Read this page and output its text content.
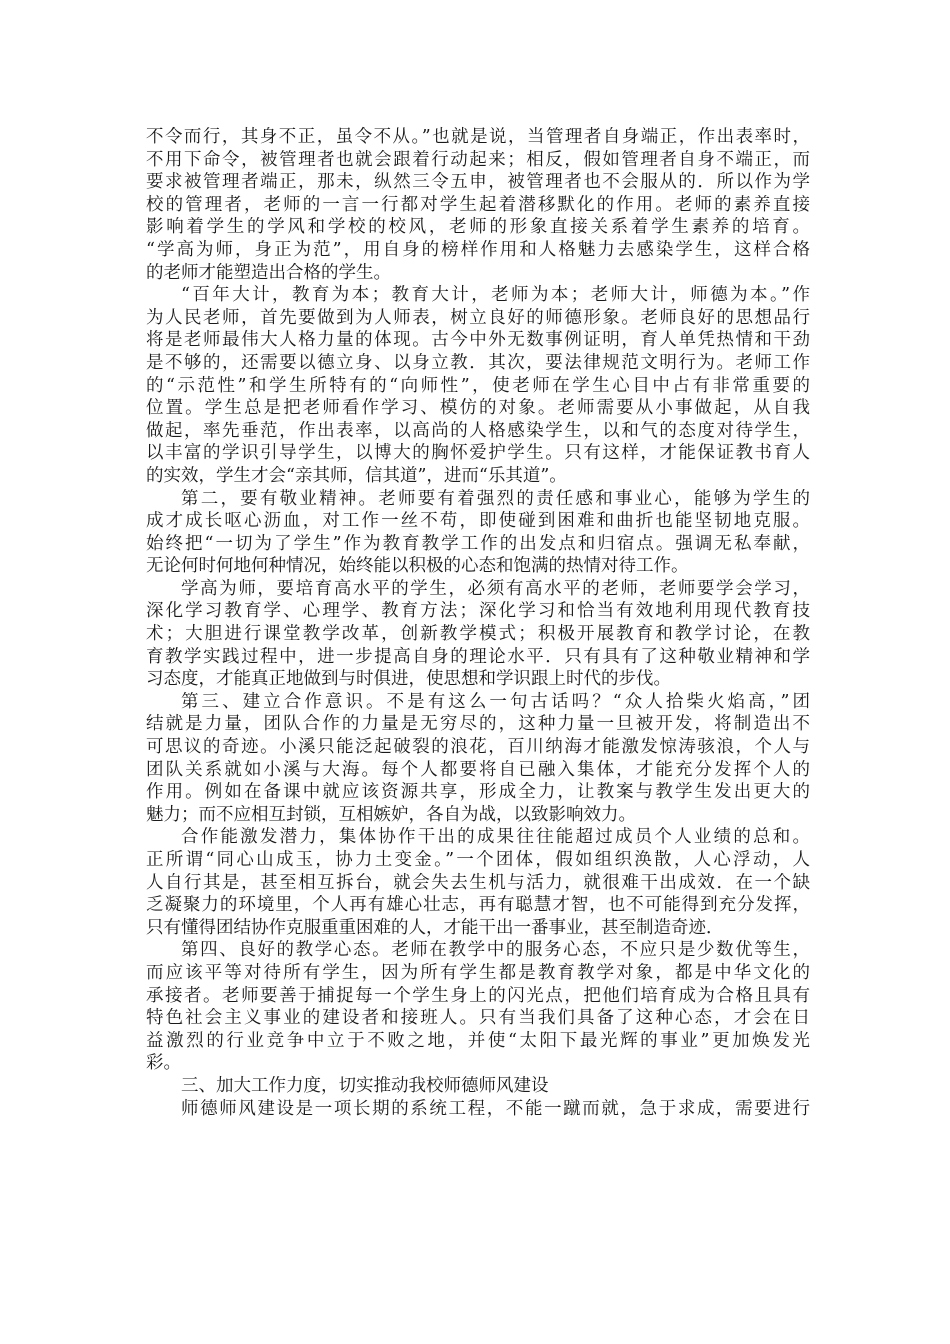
不令而行，其身不正，虽令不从。”也就是说，当管理者自身端正，作出表率时，
不用下命令，被管理者也就会跟着行动起来；相反，假如管理者自身不端正，而
要求被管理者端正，那未，纵然三令五申，被管理者也不会服从的．所以作为学
校的管理者，老师的一言一行都对学生起着潜移默化的作用。老师的素养直接
影响着学生的学风和学校的校风，老师的形象直接关系着学生素养的培育。
“学高为师，身正为范”，用自身的榜样作用和人格魅力去感染学生，这样合格
的老师才能塑造出合格的学生。
“百年大计，教育为本；教育大计，老师为本；老师大计，师德为本。”作
为人民老师，首先要做到为人师表，树立良好的师德形象。老师良好的思想品行
将是老师最伟大人格力量的体现。古今中外无数事例证明，育人单凭热情和干劲
是不够的，还需要以德立身、以身立教．其次，要法律规范文明行为。老师工作
的“示范性”和学生所特有的“向师性”，使老师在学生心目中占有非常重要的
位置。学生总是把老师看作学习、模仿的对象。老师需要从小事做起，从自我
做起，率先垂范，作出表率，以高尚的人格感染学生，以和气的态度对待学生，
以丰富的学识引导学生，以博大的胸怀爱护学生。只有这样，才能保证教书育人
的实效，学生才会“亲其师，信其道”，进而“乐其道”。
第二，要有敬业精神。老师要有着强烈的责任感和事业心，能够为学生的
成才成长呕心沥血，对工作一丝不苟，即使碰到困难和曲折也能坚韧地克服。
始终把“一切为了学生”作为教育教学工作的出发点和归宿点。强调无私奉献，
无论何时何地何种情况，始终能以积极的心态和饱满的热情对待工作。
学高为师，要培育高水平的学生，必须有高水平的老师，老师要学会学习，
深化学习教育学、心理学、教育方法；深化学习和恰当有效地利用现代教育技
术；大胆进行课堂教学改革，创新教学模式；积极开展教育和教学讨论，在教
育教学实践过程中，进一步提高自身的理论水平．只有具有了这种敬业精神和学
习态度，才能真正地做到与时俱进，使思想和学识跟上时代的步伐。
第三、建立合作意识。不是有这么一句古话吗？“众人拾柴火焰高，”团
结就是力量，团队合作的力量是无穷尽的，这种力量一旦被开发，将制造出不
可思议的奇迹。小溪只能泛起破裂的浪花，百川纳海才能激发惊涛骇浪，个人与
团队关系就如小溪与大海。每个人都要将自已融入集体，才能充分发挥个人的
作用。例如在备课中就应该资源共享，形成全力，让教案与教学生发出更大的
魅力；而不应相互封锁，互相嫉妒，各自为战，以致影响效力。
合作能激发潜力，集体协作干出的成果往往能超过成员个人业绩的总和。
正所谓“同心山成玉，协力土变金。”一个团体，假如组织涣散，人心浮动，人
人自行其是，甚至相互拆台，就会失去生机与活力，就很难干出成效．在一个缺
乏凝聚力的环境里，个人再有雄心壮志，再有聪慧才智，也不可能得到充分发挥，
只有懂得团结协作克服重重困难的人，才能干出一番事业，甚至制造奇迹．
第四、良好的教学心态。老师在教学中的服务心态，不应只是少数优等生，
而应该平等对待所有学生，因为所有学生都是教育教学对象，都是中华文化的
承接者。老师要善于捕捉每一个学生身上的闪光点，把他们培育成为合格且具有
特色社会主义事业的建设者和接班人。只有当我们具备了这种心态，才会在日
益激烈的行业竞争中立于不败之地，并使“太阳下最光辉的事业”更加焕发光
彩。
三、加大工作力度，切实推动我校师德师风建设
师德师风建设是一项长期的系统工程，不能一蹴而就，急于求成，需要进行
